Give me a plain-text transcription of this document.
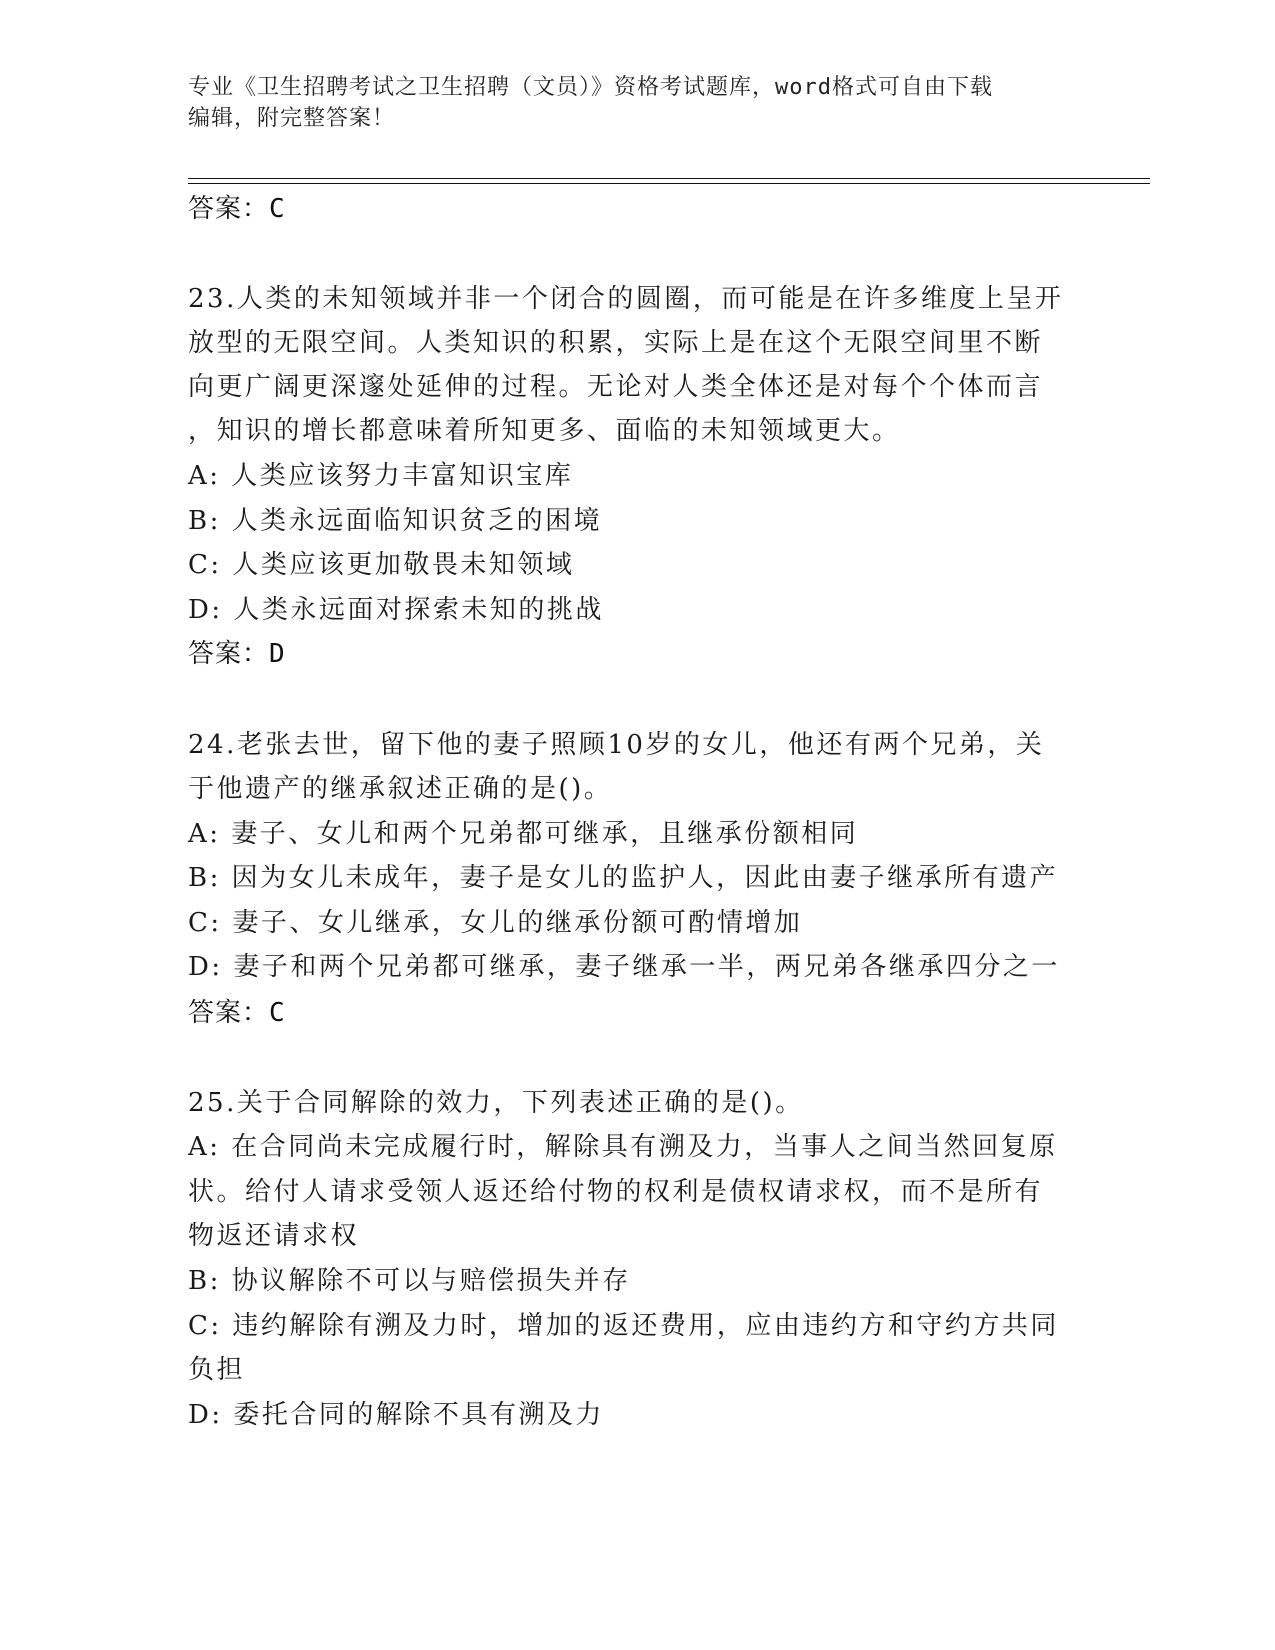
专业《卫生招聘考试之卫生招聘（文员）》资格考试题库，word格式可自由下载
编辑，附完整答案！
答案：C
23.人类的未知领域并非一个闭合的圆圈，而可能是在许多维度上呈开
放型的无限空间。人类知识的积累，实际上是在这个无限空间里不断
向更广阔更深邃处延伸的过程。无论对人类全体还是对每个个体而言
，知识的增长都意味着所知更多、面临的未知领域更大。
A: 人类应该努力丰富知识宝库
B: 人类永远面临知识贫乏的困境
C: 人类应该更加敬畏未知领域
D: 人类永远面对探索未知的挑战
答案：D
24.老张去世，留下他的妻子照顾10岁的女儿，他还有两个兄弟，关
于他遗产的继承叙述正确的是()。
A: 妻子、女儿和两个兄弟都可继承，且继承份额相同
B: 因为女儿未成年，妻子是女儿的监护人，因此由妻子继承所有遗产
C: 妻子、女儿继承，女儿的继承份额可酌情增加
D: 妻子和两个兄弟都可继承，妻子继承一半，两兄弟各继承四分之一
答案：C
25.关于合同解除的效力，下列表述正确的是()。
A: 在合同尚未完成履行时，解除具有溯及力，当事人之间当然回复原
状。给付人请求受领人返还给付物的权利是债权请求权，而不是所有
物返还请求权
B: 协议解除不可以与赔偿损失并存
C: 违约解除有溯及力时，增加的返还费用，应由违约方和守约方共同
负担
D: 委托合同的解除不具有溯及力
